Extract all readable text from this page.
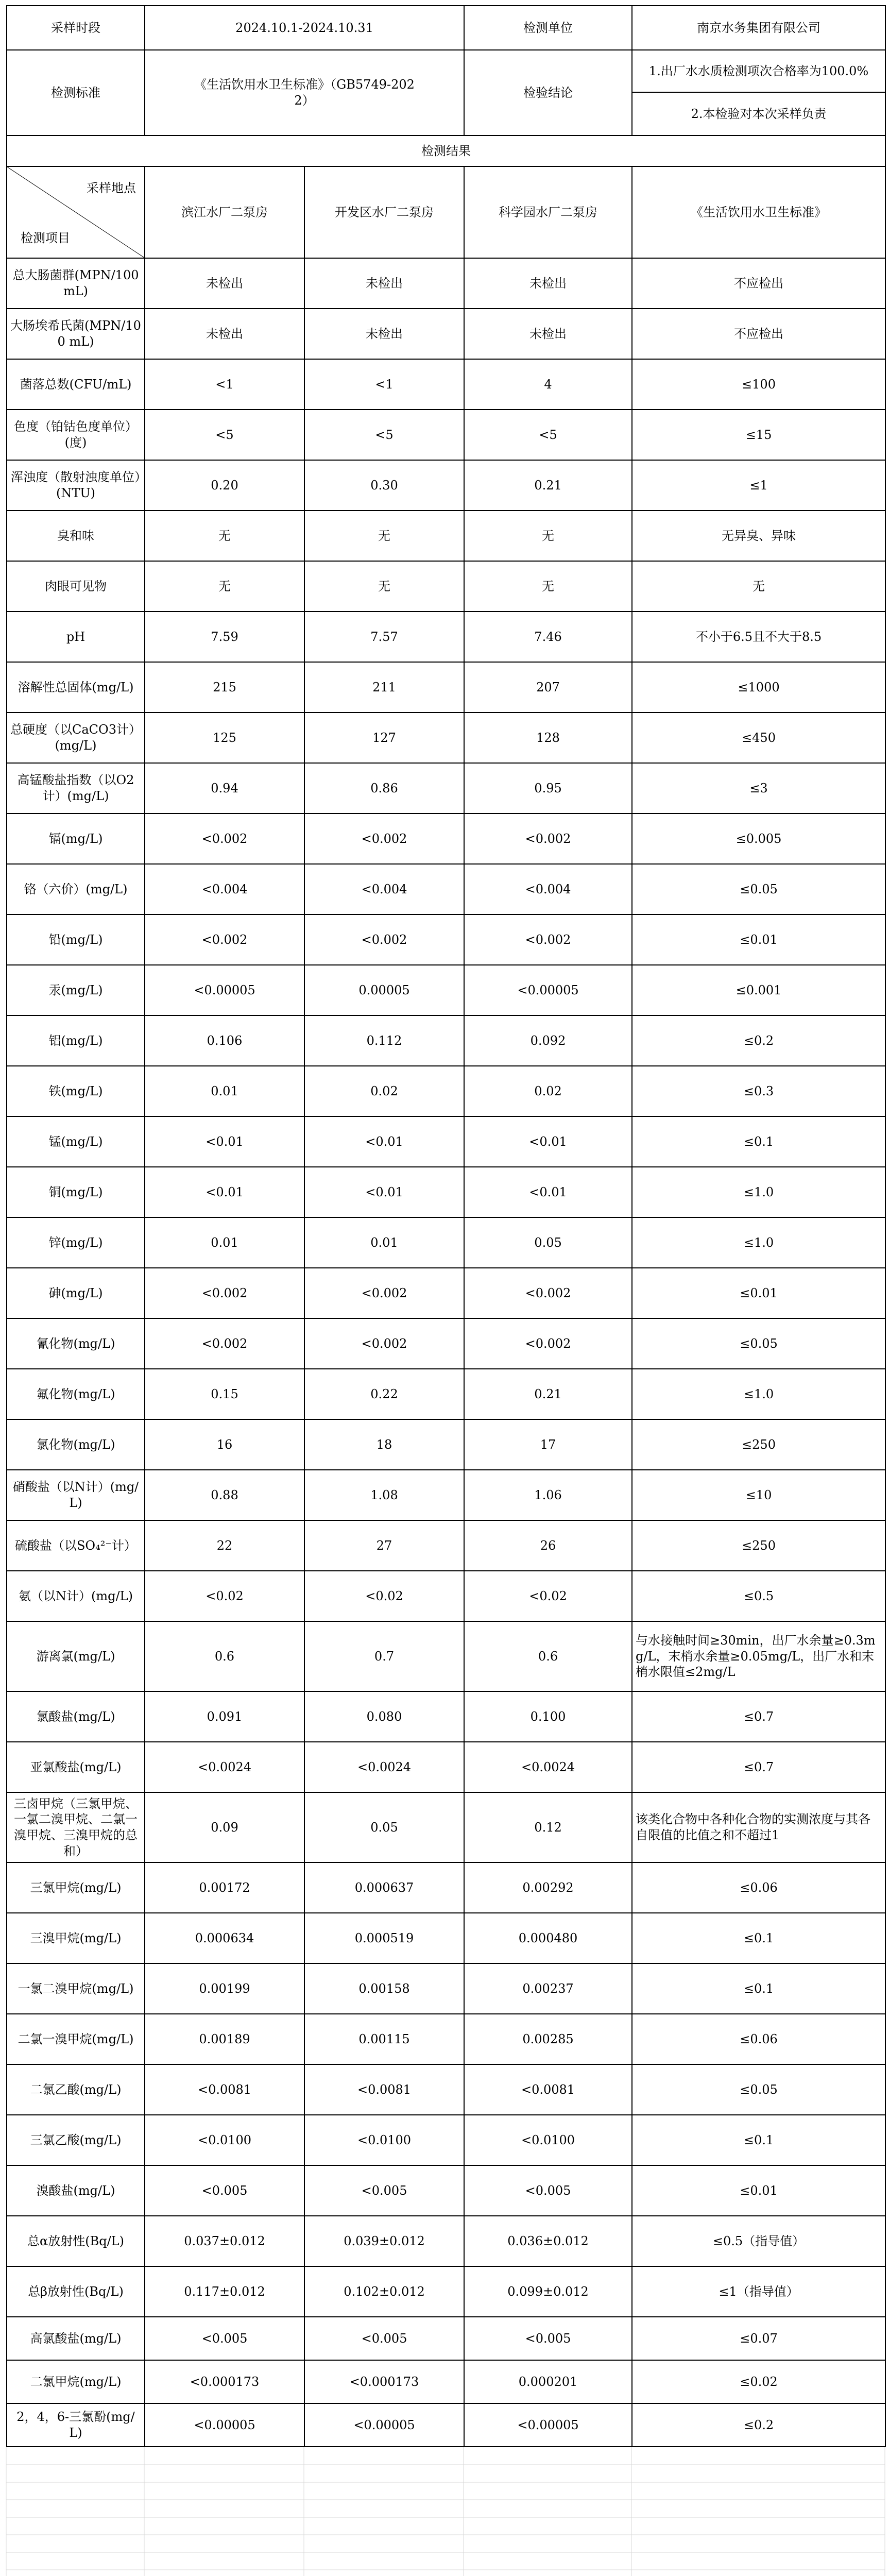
采样时段	2024.10.1-2024.10.31		检测单位	南京水务集团有限公司
检测标准	《生活饮用水卫生标准》（GB5749-2022）		检验结论	1.出厂水水质检测项次合格率为100.0%
				2.本检验对本次采样负责
检测结果				

采样地点
检测项目	滨江水厂二泵房	开发区水厂二泵房	科学园水厂二泵房	《生活饮用水卫生标准》
总大肠菌群(MPN/100 mL)	未检出	未检出	未检出	不应检出
大肠埃希氏菌(MPN/100 mL)	未检出	未检出	未检出	不应检出
菌落总数(CFU/mL)	<1	<1	4	≤100
色度（铂钴色度单位）(度)	<5	<5	<5	≤15
浑浊度（散射浊度单位）(NTU)	0.20	0.30	0.21	≤1
臭和味	无	无	无	无异臭、异味
肉眼可见物	无	无	无	无
pH	7.59	7.57	7.46	不小于6.5且不大于8.5
溶解性总固体(mg/L)	215	211	207	≤1000
总硬度（以CaCO3计）(mg/L)	125	127	128	≤450
高锰酸盐指数（以O2计）(mg/L)	0.94	0.86	0.95	≤3
镉(mg/L)	<0.002	<0.002	<0.002	≤0.005
铬（六价）(mg/L)	<0.004	<0.004	<0.004	≤0.05
铅(mg/L)	<0.002	<0.002	<0.002	≤0.01
汞(mg/L)	<0.00005	0.00005	<0.00005	≤0.001
铝(mg/L)	0.106	0.112	0.092	≤0.2
铁(mg/L)	0.01	0.02	0.02	≤0.3
锰(mg/L)	<0.01	<0.01	<0.01	≤0.1
铜(mg/L)	<0.01	<0.01	<0.01	≤1.0
锌(mg/L)	0.01	0.01	0.05	≤1.0
砷(mg/L)	<0.002	<0.002	<0.002	≤0.01
氰化物(mg/L)	<0.002	<0.002	<0.002	≤0.05
氟化物(mg/L)	0.15	0.22	0.21	≤1.0
氯化物(mg/L)	16	18	17	≤250
硝酸盐（以N计）(mg/L)	0.88	1.08	1.06	≤10
硫酸盐（以SO₄²⁻计）	22	27	26	≤250
氨（以N计）(mg/L)	<0.02	<0.02	<0.02	≤0.5
游离氯(mg/L)	0.6	0.7	0.6	与水接触时间≥30min，出厂水余量≥0.3mg/L，末梢水余量≥0.05mg/L，出厂水和末梢水限值≤2mg/L
氯酸盐(mg/L)	0.091	0.080	0.100	≤0.7
亚氯酸盐(mg/L)	<0.0024	<0.0024	<0.0024	≤0.7
三卤甲烷（三氯甲烷、一氯二溴甲烷、二氯一溴甲烷、三溴甲烷的总和）	0.09	0.05	0.12	该类化合物中各种化合物的实测浓度与其各自限值的比值之和不超过1
三氯甲烷(mg/L)	0.00172	0.000637	0.00292	≤0.06
三溴甲烷(mg/L)	0.000634	0.000519	0.000480	≤0.1
一氯二溴甲烷(mg/L)	0.00199	0.00158	0.00237	≤0.1
二氯一溴甲烷(mg/L)	0.00189	0.00115	0.00285	≤0.06
二氯乙酸(mg/L)	<0.0081	<0.0081	<0.0081	≤0.05
三氯乙酸(mg/L)	<0.0100	<0.0100	<0.0100	≤0.1
溴酸盐(mg/L)	<0.005	<0.005	<0.005	≤0.01
总α放射性(Bq/L)	0.037±0.012	0.039±0.012	0.036±0.012	≤0.5（指导值）
总β放射性(Bq/L)	0.117±0.012	0.102±0.012	0.099±0.012	≤1（指导值）
高氯酸盐(mg/L)	<0.005	<0.005	<0.005	≤0.07
二氯甲烷(mg/L)	<0.000173	<0.000173	0.000201	≤0.02
2，4，6-三氯酚(mg/L)	<0.00005	<0.00005	<0.00005	≤0.2
